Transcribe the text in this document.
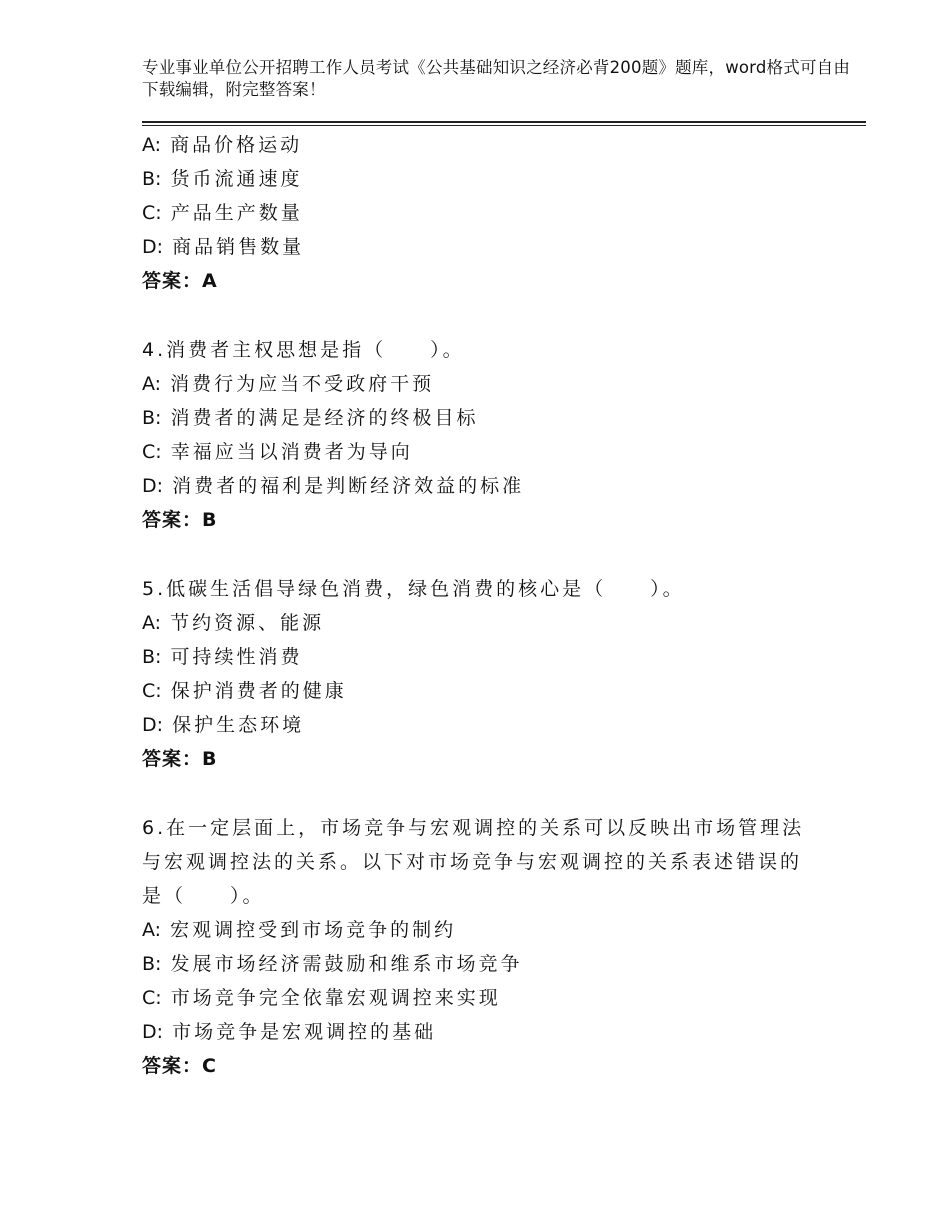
专业事业单位公开招聘工作人员考试《公共基础知识之经济必背200题》题库，word格式可自由下载编辑，附完整答案！
A: 商品价格运动
B: 货币流通速度
C: 产品生产数量
D: 商品销售数量
答案：A
4.消费者主权思想是指（　　）。
A: 消费行为应当不受政府干预
B: 消费者的满足是经济的终极目标
C: 幸福应当以消费者为导向
D: 消费者的福利是判断经济效益的标准
答案：B
5.低碳生活倡导绿色消费，绿色消费的核心是（　　）。
A: 节约资源、能源
B: 可持续性消费
C: 保护消费者的健康
D: 保护生态环境
答案：B
6.在一定层面上，市场竞争与宏观调控的关系可以反映出市场管理法
与宏观调控法的关系。以下对市场竞争与宏观调控的关系表述错误的
是（　　）。
A: 宏观调控受到市场竞争的制约
B: 发展市场经济需鼓励和维系市场竞争
C: 市场竞争完全依靠宏观调控来实现
D: 市场竞争是宏观调控的基础
答案：C
